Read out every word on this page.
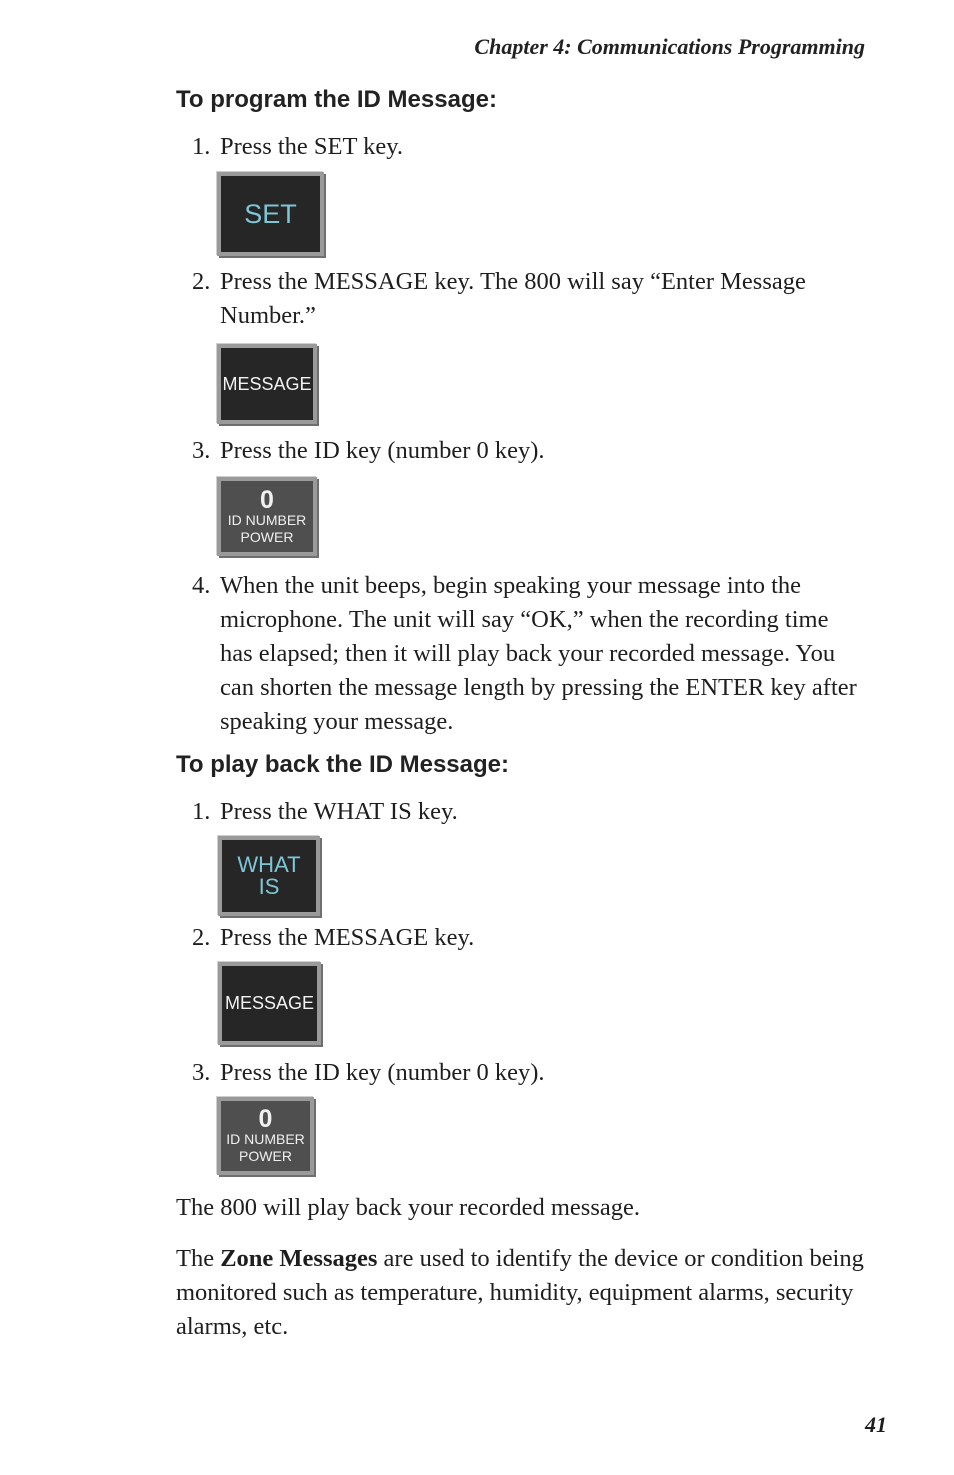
Chapter 4: Communications Programming
To program the ID Message:
1. Press the SET key.
SET
2. Press the MESSAGE key. The 800 will say “Enter Message Number.”
MESSAGE
3. Press the ID key (number 0 key).
0
ID NUMBER
POWER
4. When the unit beeps, begin speaking your message into the microphone. The unit will say “OK,” when the recording time has elapsed; then it will play back your recorded message. You can shorten the message length by pressing the ENTER key after speaking your message.
To play back the ID Message:
1. Press the WHAT IS key.
WHAT
IS
2. Press the MESSAGE key.
MESSAGE
3. Press the ID key (number 0 key).
0
ID NUMBER
POWER
The 800 will play back your recorded message.
The Zone Messages are used to identify the device or condition being monitored such as temperature, humidity, equipment alarms, security alarms, etc.
41
